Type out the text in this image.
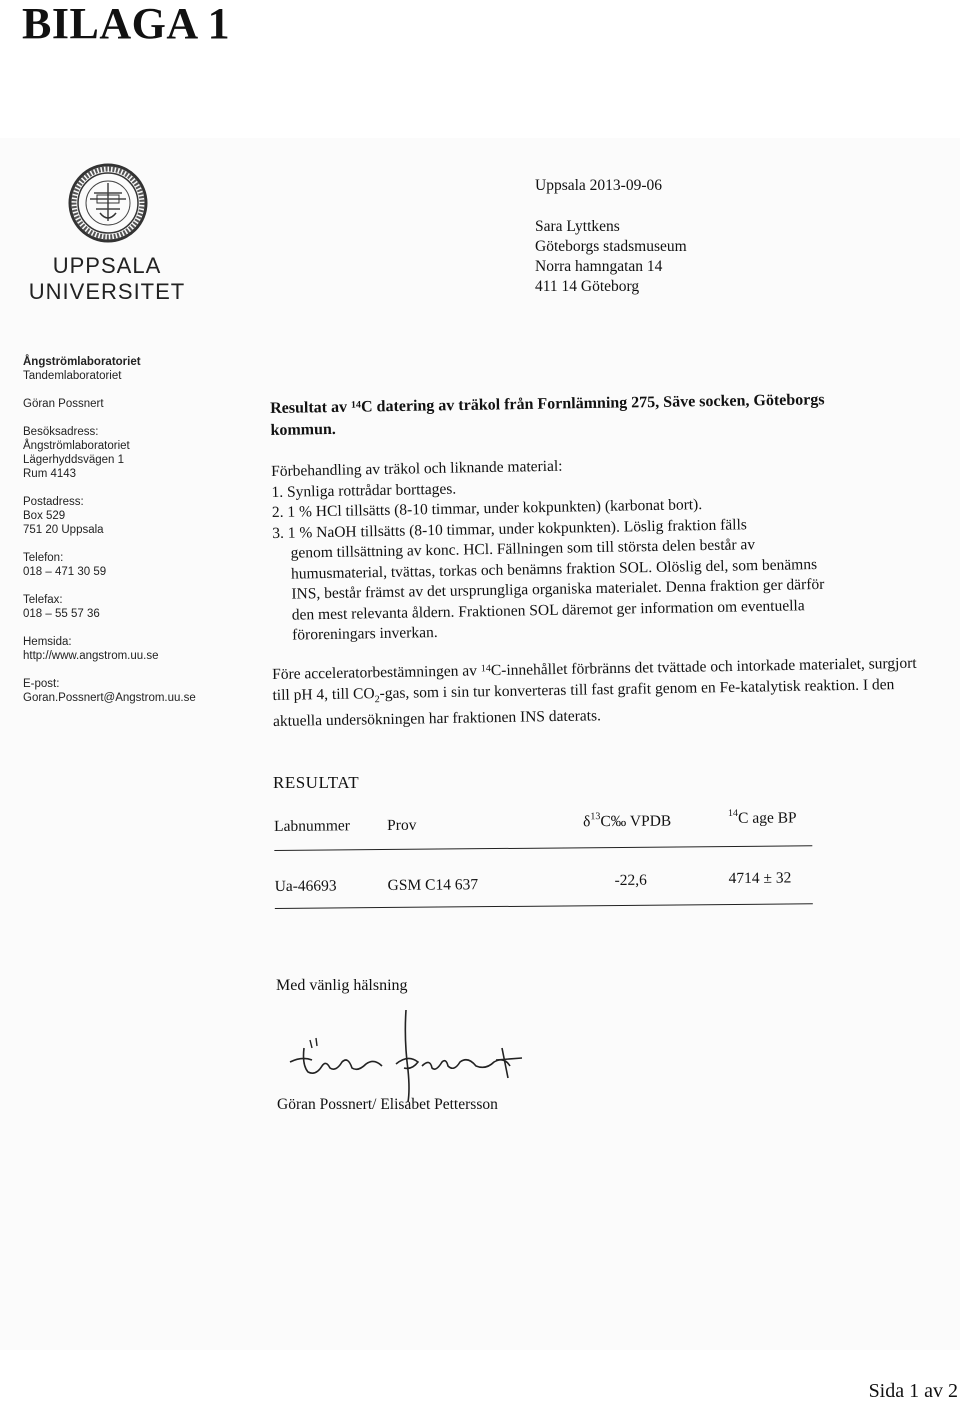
BILAGA 1
UPPSALA
UNIVERSITET
Ångströmlaboratoriet
Tandemlaboratoriet
Göran Possnert
Besöksadress:
Ångströmlaboratoriet
Lägerhyddsvägen 1
Rum 4143
Postadress:
Box 529
751 20 Uppsala
Telefon:
018 – 471 30 59
Telefax:
018 – 55 57 36
Hemsida:
http://www.angstrom.uu.se
E-post:
Goran.Possnert@Angstrom.uu.se
Uppsala 2013-09-06
Sara Lyttkens
Göteborgs stadsmuseum
Norra hamngatan 14
411 14 Göteborg
Resultat av $^{14}$C datering av träkol från Fornlämning 275, Säve socken, Göteborgs kommun.
Förbehandling av träkol och liknande material:
1. Synliga rottrådar borttages.
2. 1 % HCl tillsätts (8-10 timmar, under kokpunkten) (karbonat bort).
3. 1 % NaOH tillsätts (8-10 timmar, under kokpunkten). Löslig fraktion fälls
genom tillsättning av konc. HCl. Fällningen som till största delen består av humusmaterial, tvättas, torkas och benämns fraktion SOL. Olöslig del, som benämns INS, består främst av det ursprungliga organiska materialet. Denna fraktion ger därför den mest relevanta åldern. Fraktionen SOL däremot ger information om eventuella föroreningars inverkan.
Före acceleratorbestämningen av $^{14}$C-innehållet förbränns det tvättade och intorkade materialet, surgjort till pH 4, till $CO_2$-gas, som i sin tur konverteras till fast grafit genom en Fe-katalytisk reaktion. I den aktuella undersökningen har fraktionen INS daterats.
RESULTAT
Labnummer Prov	$\delta^{13}C‰$ VPDB	$^{14}$C age BP
Ua-46693	GSM C14 637	-22,6	4714 ± 32
Med vänlig hälsning
Göran Possnert/ Elisabet Pettersson
Sida 1 av 2
